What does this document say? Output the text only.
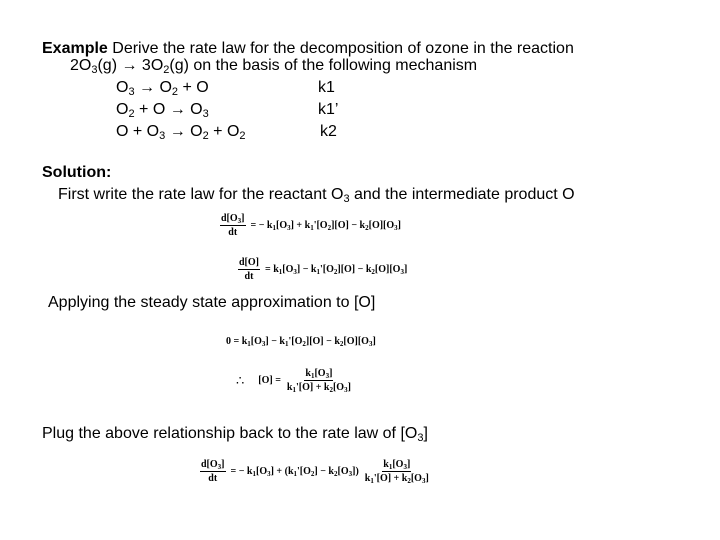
Example Derive the rate law for the decomposition of ozone in the reaction
$2O_3(g) \to 3O_2(g)$ on the basis of the following mechanism
$O_3 \to O_2 + O$	k1
$O_2 + O \to O_3$	k1’
$O + O_3 \to O_2 + O_2$	k2
Solution:
First write the rate law for the reactant $O_3$ and the intermediate product O
$\frac{d[O_3]}{dt}$ = − $k_1[O_3] + k_1'[O_2][O] - k_2[O][O_3]$
$\frac{d[O]}{dt} = k_1[O_3] - k_1'[O_2][O] - k_2[O][O_3]$
Applying the steady state approximation to [O]
$0 = k_1[O_3] - k_1'[O_2][O] - k_2[O][O_3]$
∴ $[O] = \frac{k_1[O_3]}{k_1'[O] + k_2[O_3]}$
Plug the above relationship back to the rate law of $[O_3]$
$\frac{d[O_3]}{dt}$ = − $k_1[O_3] + (k_1'[O_2] - k_2[O_3]) \frac{k_1[O_3]}{k_1'[O] + k_2[O_3]}$
